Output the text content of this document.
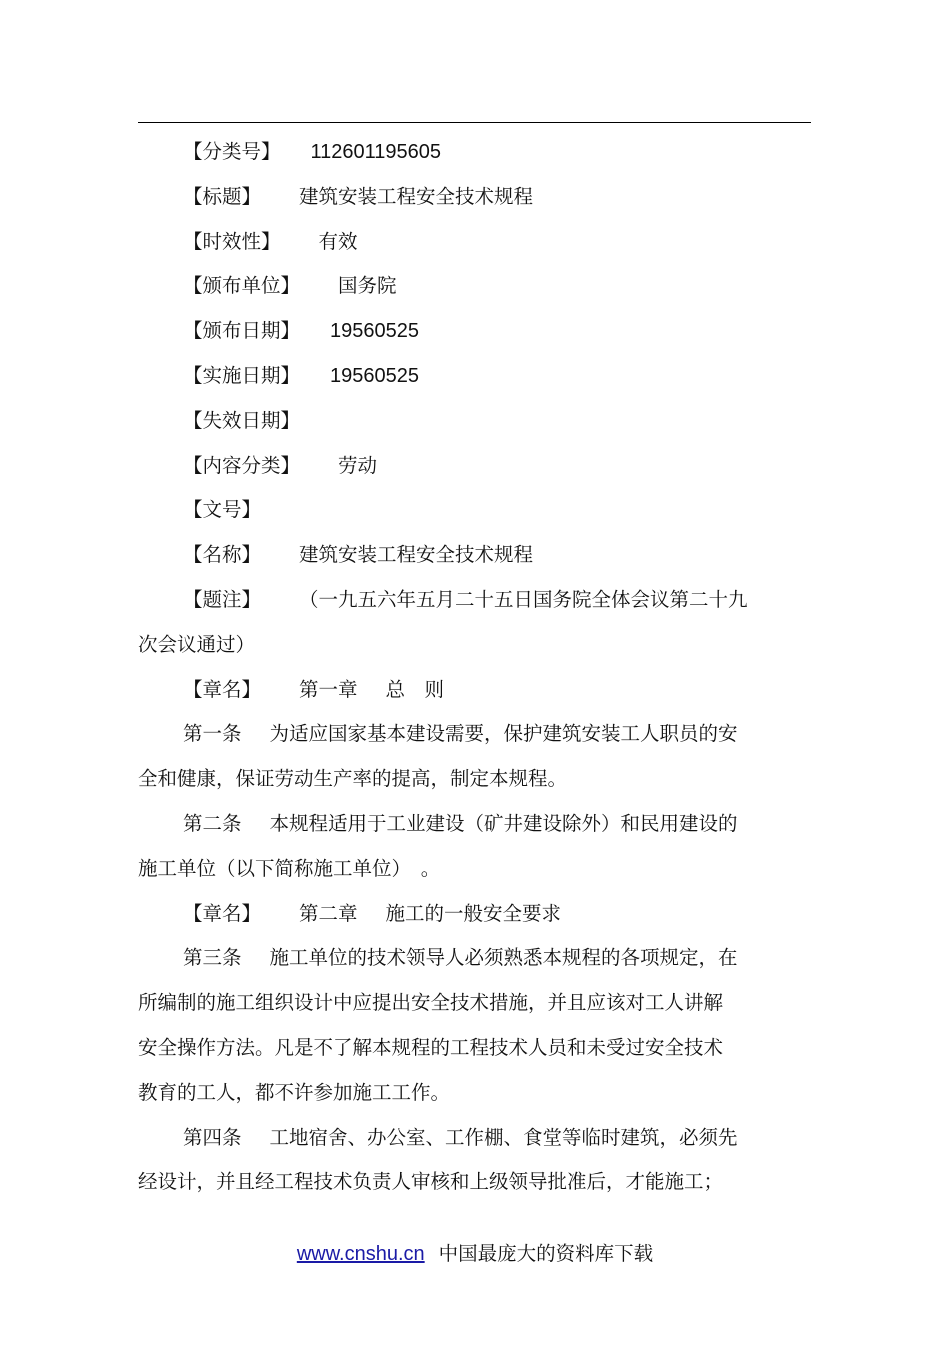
【分类号】 112601195605
【标题】 建筑安装工程安全技术规程
【时效性】 有效
【颁布单位】 国务院
【颁布日期】 19560525
【实施日期】 19560525
【失效日期】
【内容分类】 劳动
【文号】
【名称】 建筑安装工程安全技术规程
【题注】 （一九五六年五月二十五日国务院全体会议第二十九
次会议通过）
【章名】 第一章 总　则
第一条 为适应国家基本建设需要，保护建筑安装工人职员的安
全和健康，保证劳动生产率的提高，制定本规程。
第二条 本规程适用于工业建设（矿井建设除外）和民用建设的
施工单位（以下简称施工单位）　。
【章名】 第二章 施工的一般安全要求
第三条 施工单位的技术领导人必须熟悉本规程的各项规定，在
所编制的施工组织设计中应提出安全技术措施，并且应该对工人讲解
安全操作方法。凡是不了解本规程的工程技术人员和未受过安全技术
教育的工人，都不许参加施工工作。
第四条 工地宿舍、办公室、工作棚、食堂等临时建筑，必须先
经设计，并且经工程技术负责人审核和上级领导批准后，才能施工；
www.cnshu.cn 中国最庞大的资料库下载
